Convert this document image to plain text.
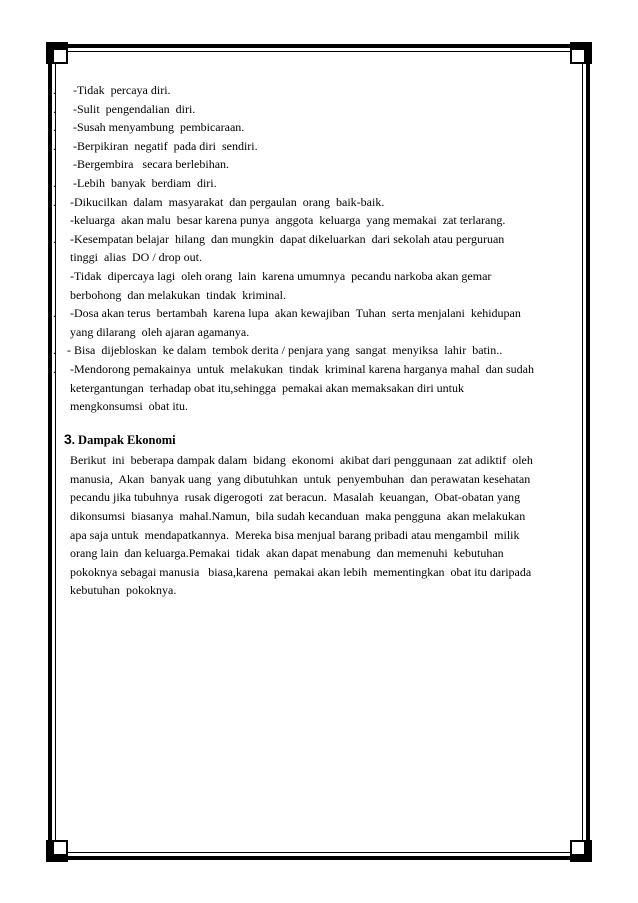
. -Tidak  percaya diri.
. -Sulit  pengendalian  diri.
. -Susah menyambung  pembicaraan.
. -Berpikiran  negatif  pada diri  sendiri.
-Bergembira   secara berlebihan.
. -Lebih  banyak  berdiam  diri.
. -Dikucilkan  dalam  masyarakat  dan pergaulan  orang  baik-baik.
-keluarga  akan malu  besar karena punya  anggota  keluarga  yang memakai  zat terlarang.
. -Kesempatan belajar  hilang  dan mungkin  dapat dikeluarkan  dari sekolah atau perguruan
tinggi  alias  DO / drop out.
-Tidak  dipercaya lagi  oleh orang  lain  karena umumnya  pecandu narkoba akan gemar
berbohong  dan melakukan  tindak  kriminal.
. -Dosa akan terus  bertambah  karena lupa  akan kewajiban  Tuhan  serta menjalani  kehidupan
yang dilarang  oleh ajaran agamanya.
. - Bisa  dijebloskan  ke dalam  tembok derita / penjara yang  sangat  menyiksa  lahir  batin..
. -Mendorong pemakainya  untuk  melakukan  tindak  kriminal karena harganya mahal  dan sudah
ketergantungan  terhadap obat itu,sehingga  pemakai akan memaksakan diri untuk
mengkonsumsi  obat itu.
3. Dampak Ekonomi
Berikut  ini  beberapa dampak dalam  bidang  ekonomi  akibat dari penggunaan  zat adiktif  oleh
manusia,  Akan  banyak uang  yang dibutuhkan  untuk  penyembuhan  dan perawatan kesehatan
pecandu jika tubuhnya  rusak digerogoti  zat beracun.  Masalah  keuangan,  Obat-obatan yang
dikonsumsi  biasanya  mahal.Namun,  bila sudah kecanduan  maka pengguna  akan melakukan
apa saja untuk  mendapatkannya.  Mereka bisa menjual barang pribadi atau mengambil  milik
orang lain  dan keluarga.Pemakai  tidak  akan dapat menabung  dan memenuhi  kebutuhan
pokoknya sebagai manusia   biasa,karena  pemakai akan lebih  mementingkan  obat itu daripada
kebutuhan  pokoknya.
